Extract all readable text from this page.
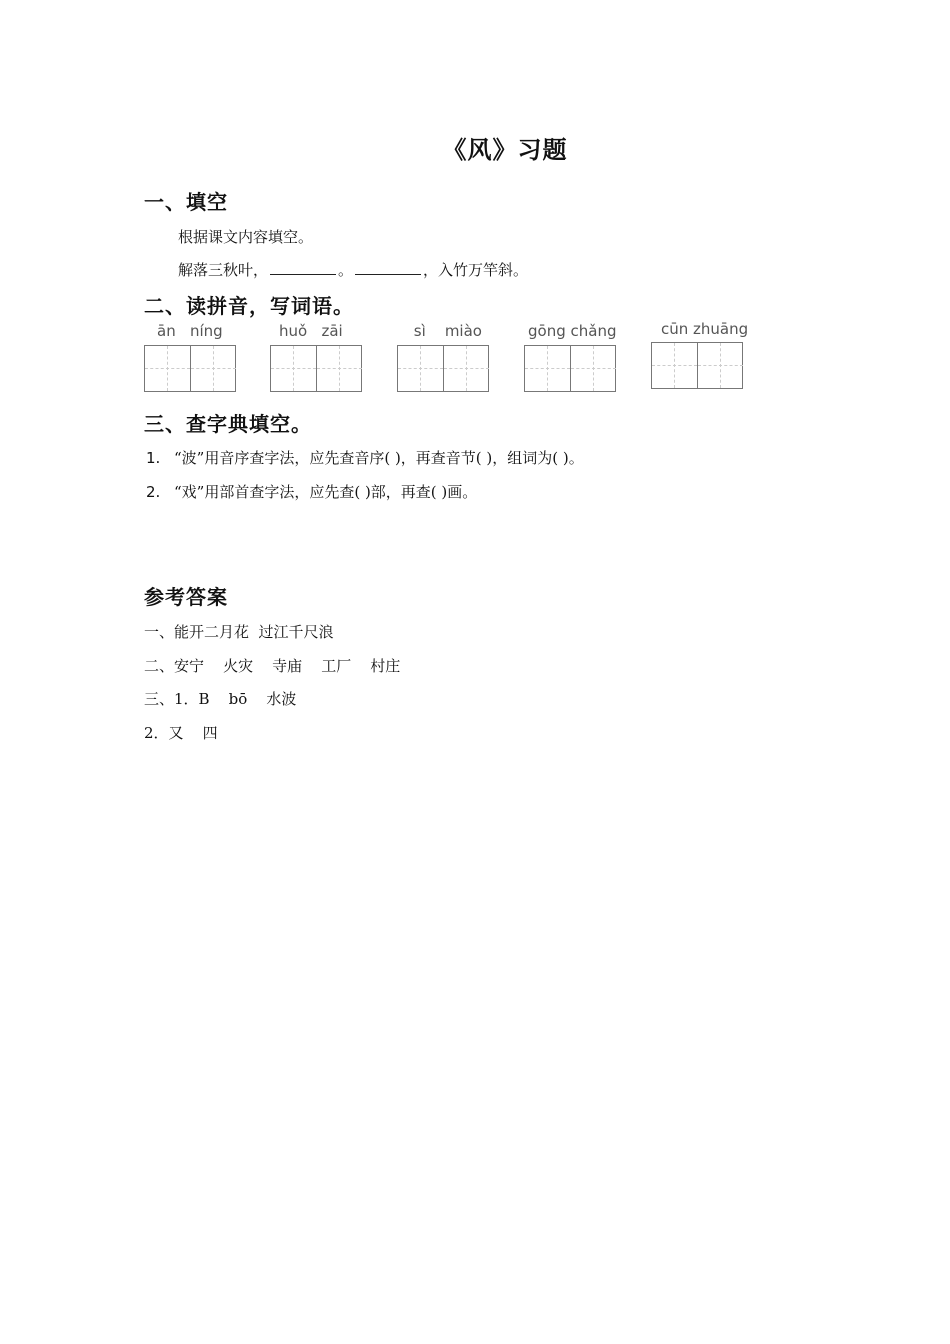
《风》习题
一、填空
根据课文内容填空。
解落三秋叶，	。	，入竹万竿斜。
二、读拼音，写词语。
ān   níng	huǒ   zāi	sì    miào	gōng chǎng	cūn zhuāng
三、查字典填空。
1. “波”用音序查字法，应先查音序( )，再查音节( )，组词为( )。
2. “戏”用部首查字法，应先查( )部，再查( )画。
参考答案
一、能开二月花  过江千尺浪
二、安宁    火灾    寺庙    工厂    村庄
三、1．B    bō    水波
2．又    四
